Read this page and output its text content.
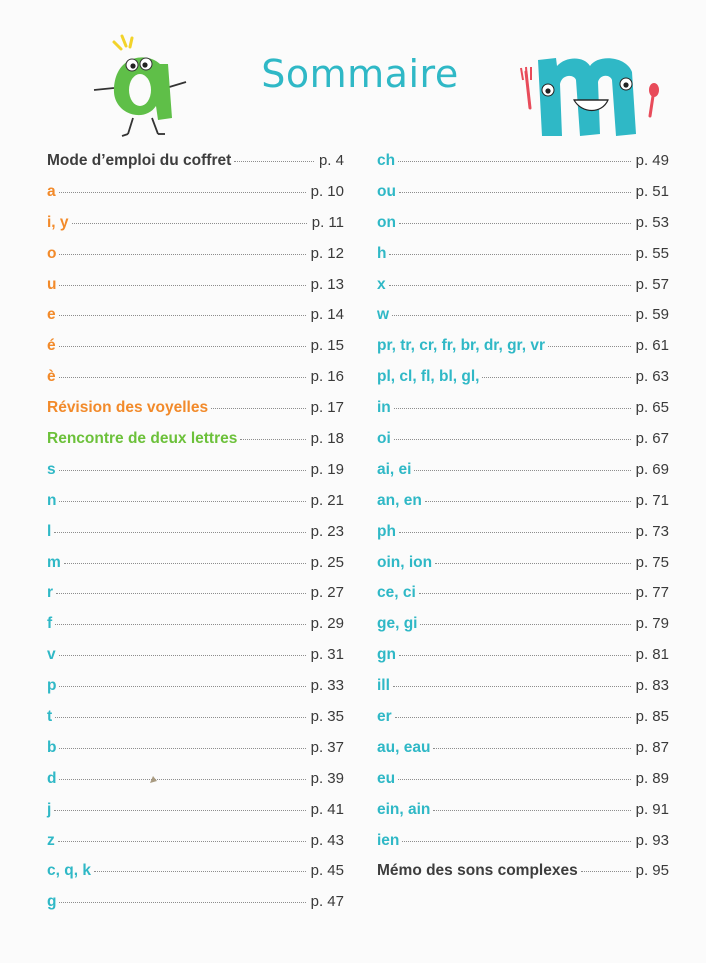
Sommaire
Mode d’emploi du coffret	p. 4
a	p. 10
i, y	p. 11
o	p. 12
u	p. 13
e	p. 14
é	p. 15
è	p. 16
Révision des voyelles	p. 17
Rencontre de deux lettres	p. 18
s	p. 19
n	p. 21
l	p. 23
m	p. 25
r	p. 27
f	p. 29
v	p. 31
p	p. 33
t	p. 35
b	p. 37
d	p. 39
j	p. 41
z	p. 43
c, q, k	p. 45
g	p. 47
ch	p. 49
ou	p. 51
on	p. 53
h	p. 55
x	p. 57
w	p. 59
pr, tr, cr, fr, br, dr, gr, vr	p. 61
pl, cl, fl, bl, gl,	p. 63
in	p. 65
oi	p. 67
ai, ei	p. 69
an, en	p. 71
ph	p. 73
oin, ion	p. 75
ce, ci	p. 77
ge, gi	p. 79
gn	p. 81
ill	p. 83
er	p. 85
au, eau	p. 87
eu	p. 89
ein, ain	p. 91
ien	p. 93
Mémo des sons complexes	p. 95
